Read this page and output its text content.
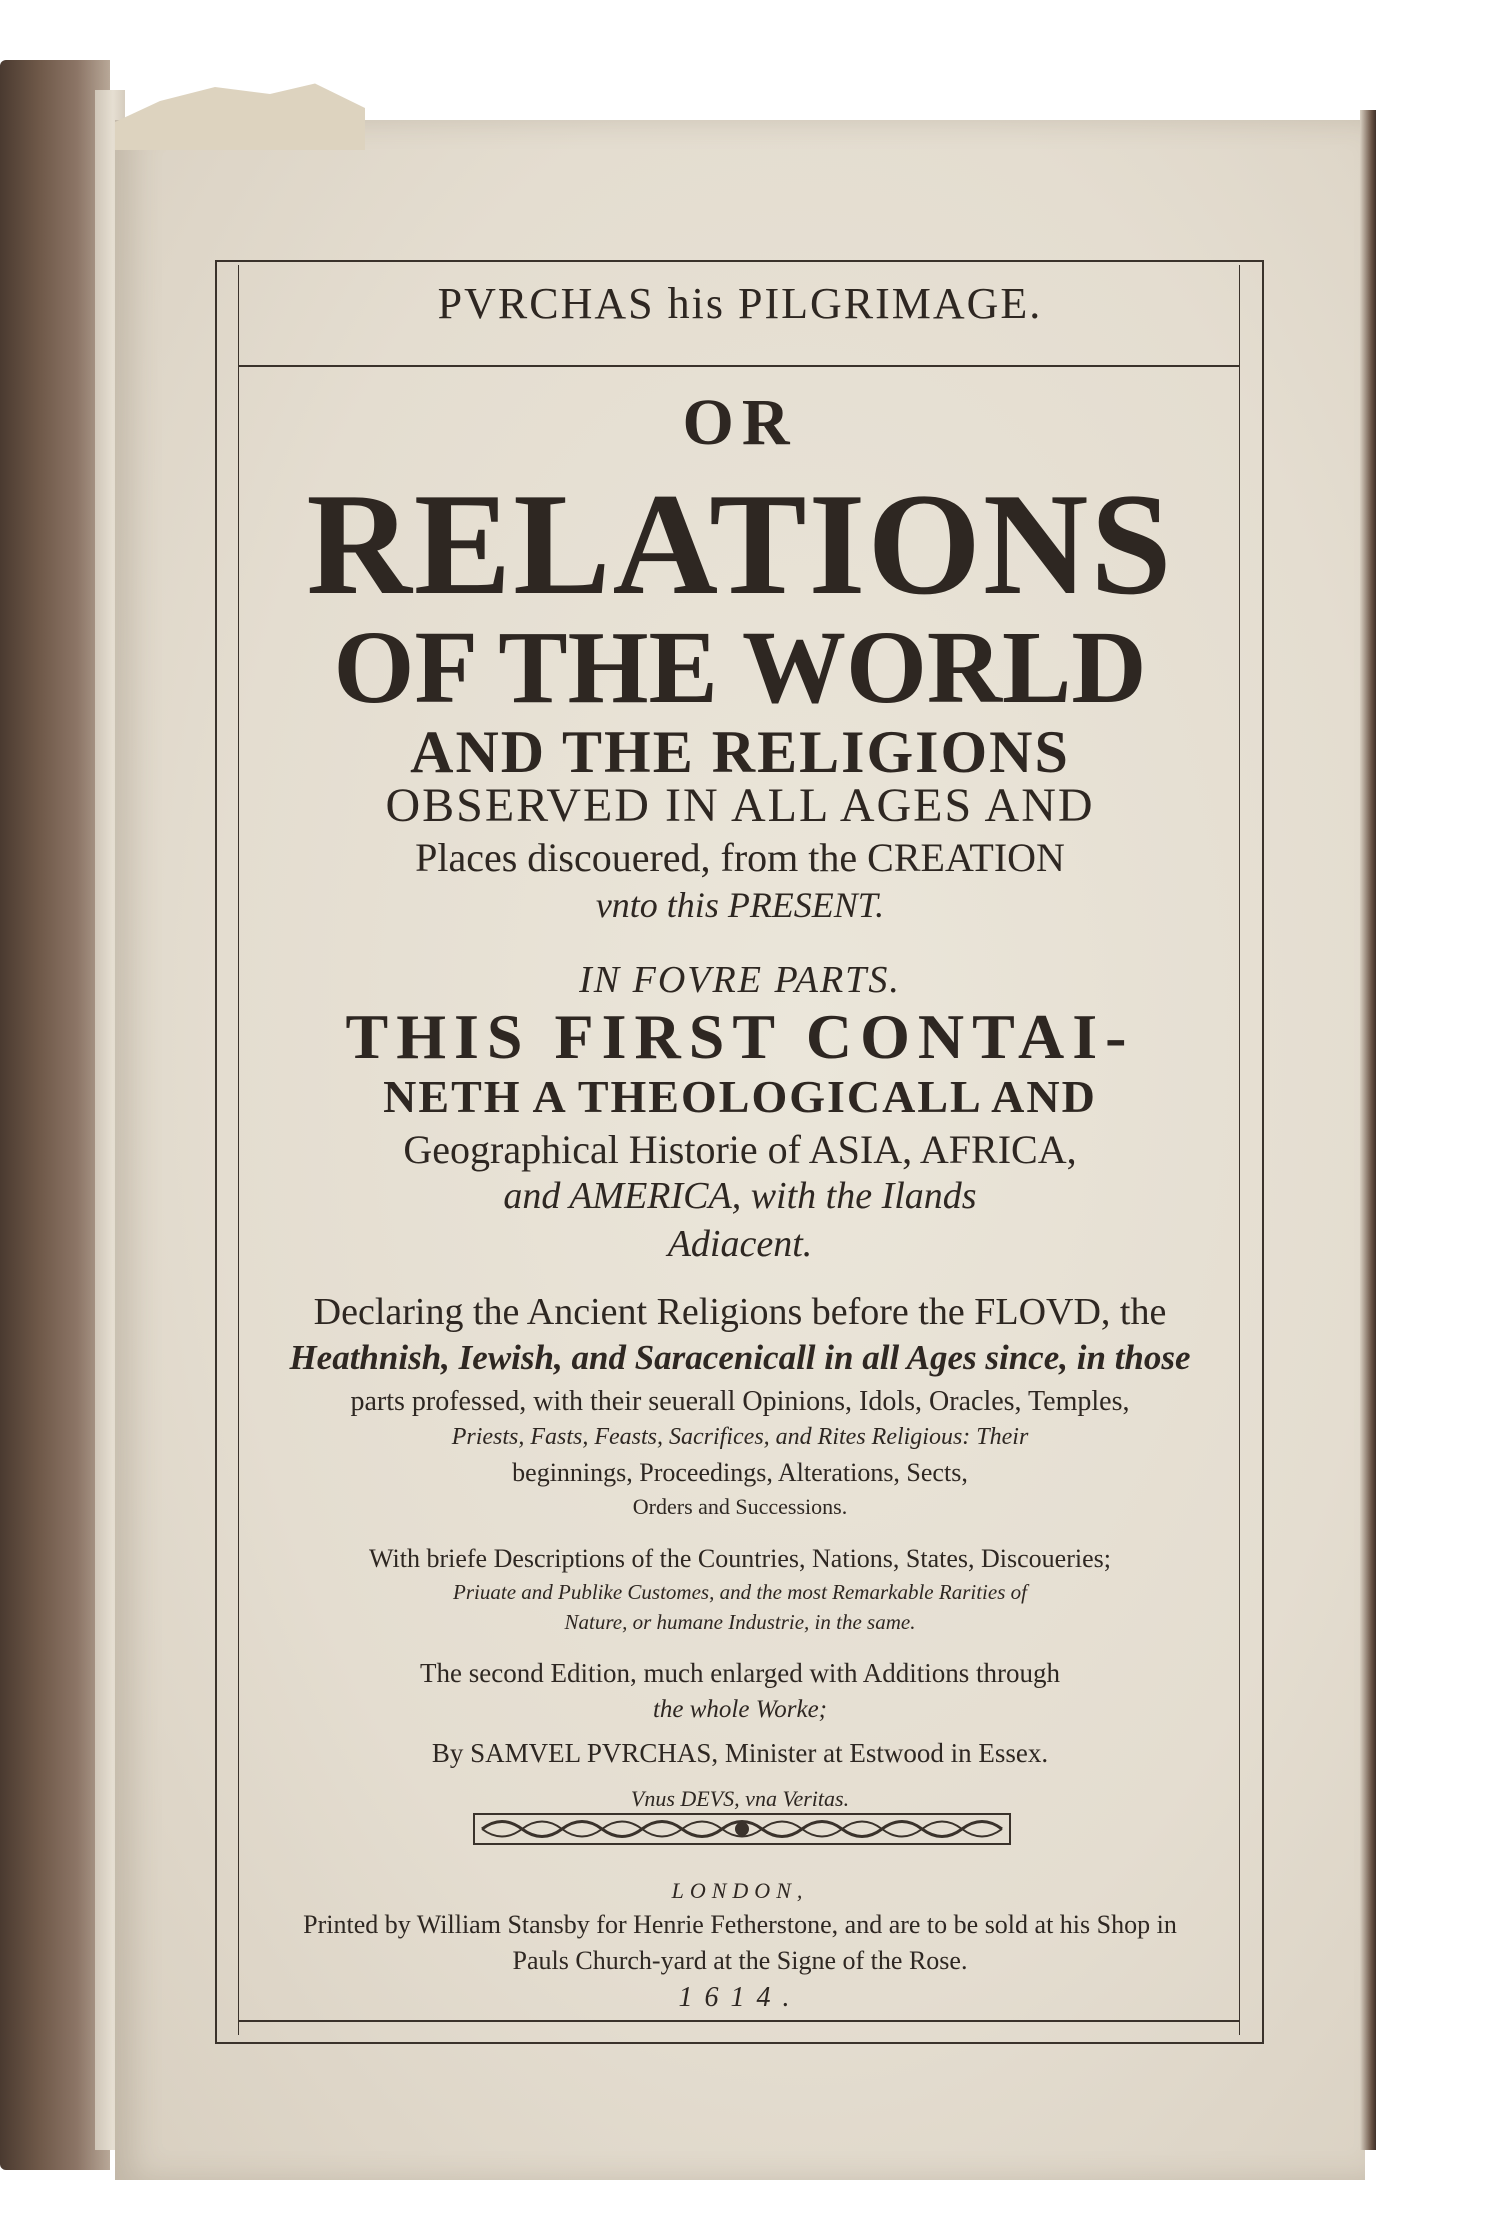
PVRCHAS his PILGRIMAGE.
OR
RELATIONS
OF THE WORLD
AND THE RELIGIONS
OBSERVED IN ALL AGES AND
Places discouered, from the CREATION
vnto this PRESENT.
IN FOVRE PARTS.
THIS FIRST CONTAI-
NETH A THEOLOGICALL AND
Geographical Historie of ASIA, AFRICA,
and AMERICA, with the Ilands
Adiacent.
Declaring the Ancient Religions before the FLOVD, the
Heathnish, Iewish, and Saracenicall in all Ages since, in those
parts professed, with their seuerall Opinions, Idols, Oracles, Temples,
Priests, Fasts, Feasts, Sacrifices, and Rites Religious: Their
beginnings, Proceedings, Alterations, Sects,
Orders and Successions.
With briefe Descriptions of the Countries, Nations, States, Discoueries;
Priuate and Publike Customes, and the most Remarkable Rarities of
Nature, or humane Industrie, in the same.
The second Edition, much enlarged with Additions through
the whole Worke;
By SAMVEL PVRCHAS, Minister at Estwood in Essex.
Vnus DEVS, vna Veritas.
LONDON,
Printed by William Stansby for Henrie Fetherstone, and are to be sold at his Shop in
Pauls Church-yard at the Signe of the Rose.
1614.
